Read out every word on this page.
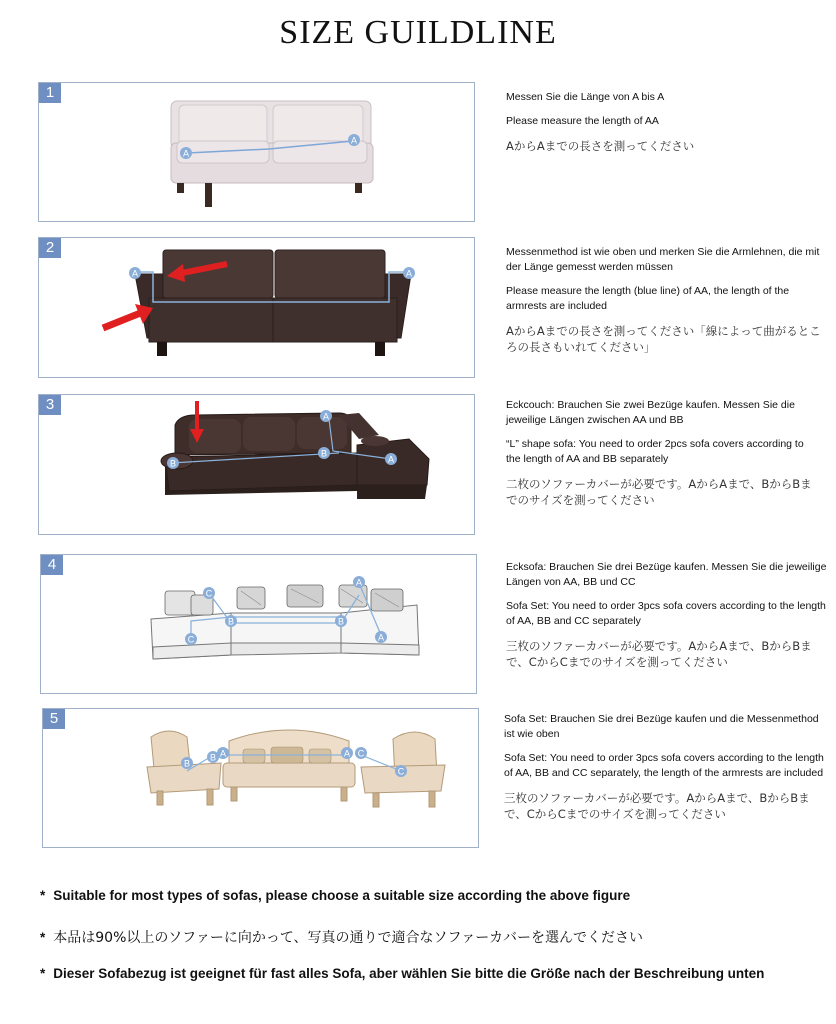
SIZE GUILDLINE
1
A
A

Messen Sie die Länge von A bis A

Please measure the length of AA

AからAまでの長さを測ってください

2
A	A

Messenmethod ist wie oben und merken Sie die Armlehnen, die mit der Länge gemesst werden müssen

Please measure the length (blue line) of AA, the length of the armrests are included

AからAまでの長さを測ってください「線によって曲がるところの長さもいれてください」

3
A
A
B
B

Eckcouch: Brauchen Sie zwei Bezüge kaufen. Messen Sie die jeweilige Längen zwischen AA und BB

“L” shape sofa: You need to order 2pcs sofa covers according to the length of AA and BB separately

二枚のソファーカバーが必要です。AからAまで、BからBまでのサイズを測ってください

4
A
A
B	B
C
C

Ecksofa: Brauchen Sie drei Bezüge kaufen. Messen Sie die jeweilige Längen von AA, BB und CC

Sofa Set: You need to order 3pcs sofa covers according to the length of AA, BB and CC separately

三枚のソファーカバーが必要です。AからAまで、BからBまで、CからCまでのサイズを測ってください

5
A	A
B
B	C
C

Sofa Set: Brauchen Sie drei Bezüge kaufen und die Messenmethod ist wie oben

Sofa Set: You need to order 3pcs sofa covers according to the length of AA, BB and CC separately, the length of the armrests are included

三枚のソファーカバーが必要です。AからAまで、BからBまで、CからCまでのサイズを測ってください

* Suitable for most types of sofas, please choose a suitable size according the above figure
* 本品は90%以上のソファーに向かって、写真の通りで適合なソファーカバーを選んでください
* Dieser Sofabezug ist geeignet für fast alles Sofa, aber wählen Sie bitte die Größe nach der Beschreibung unten
